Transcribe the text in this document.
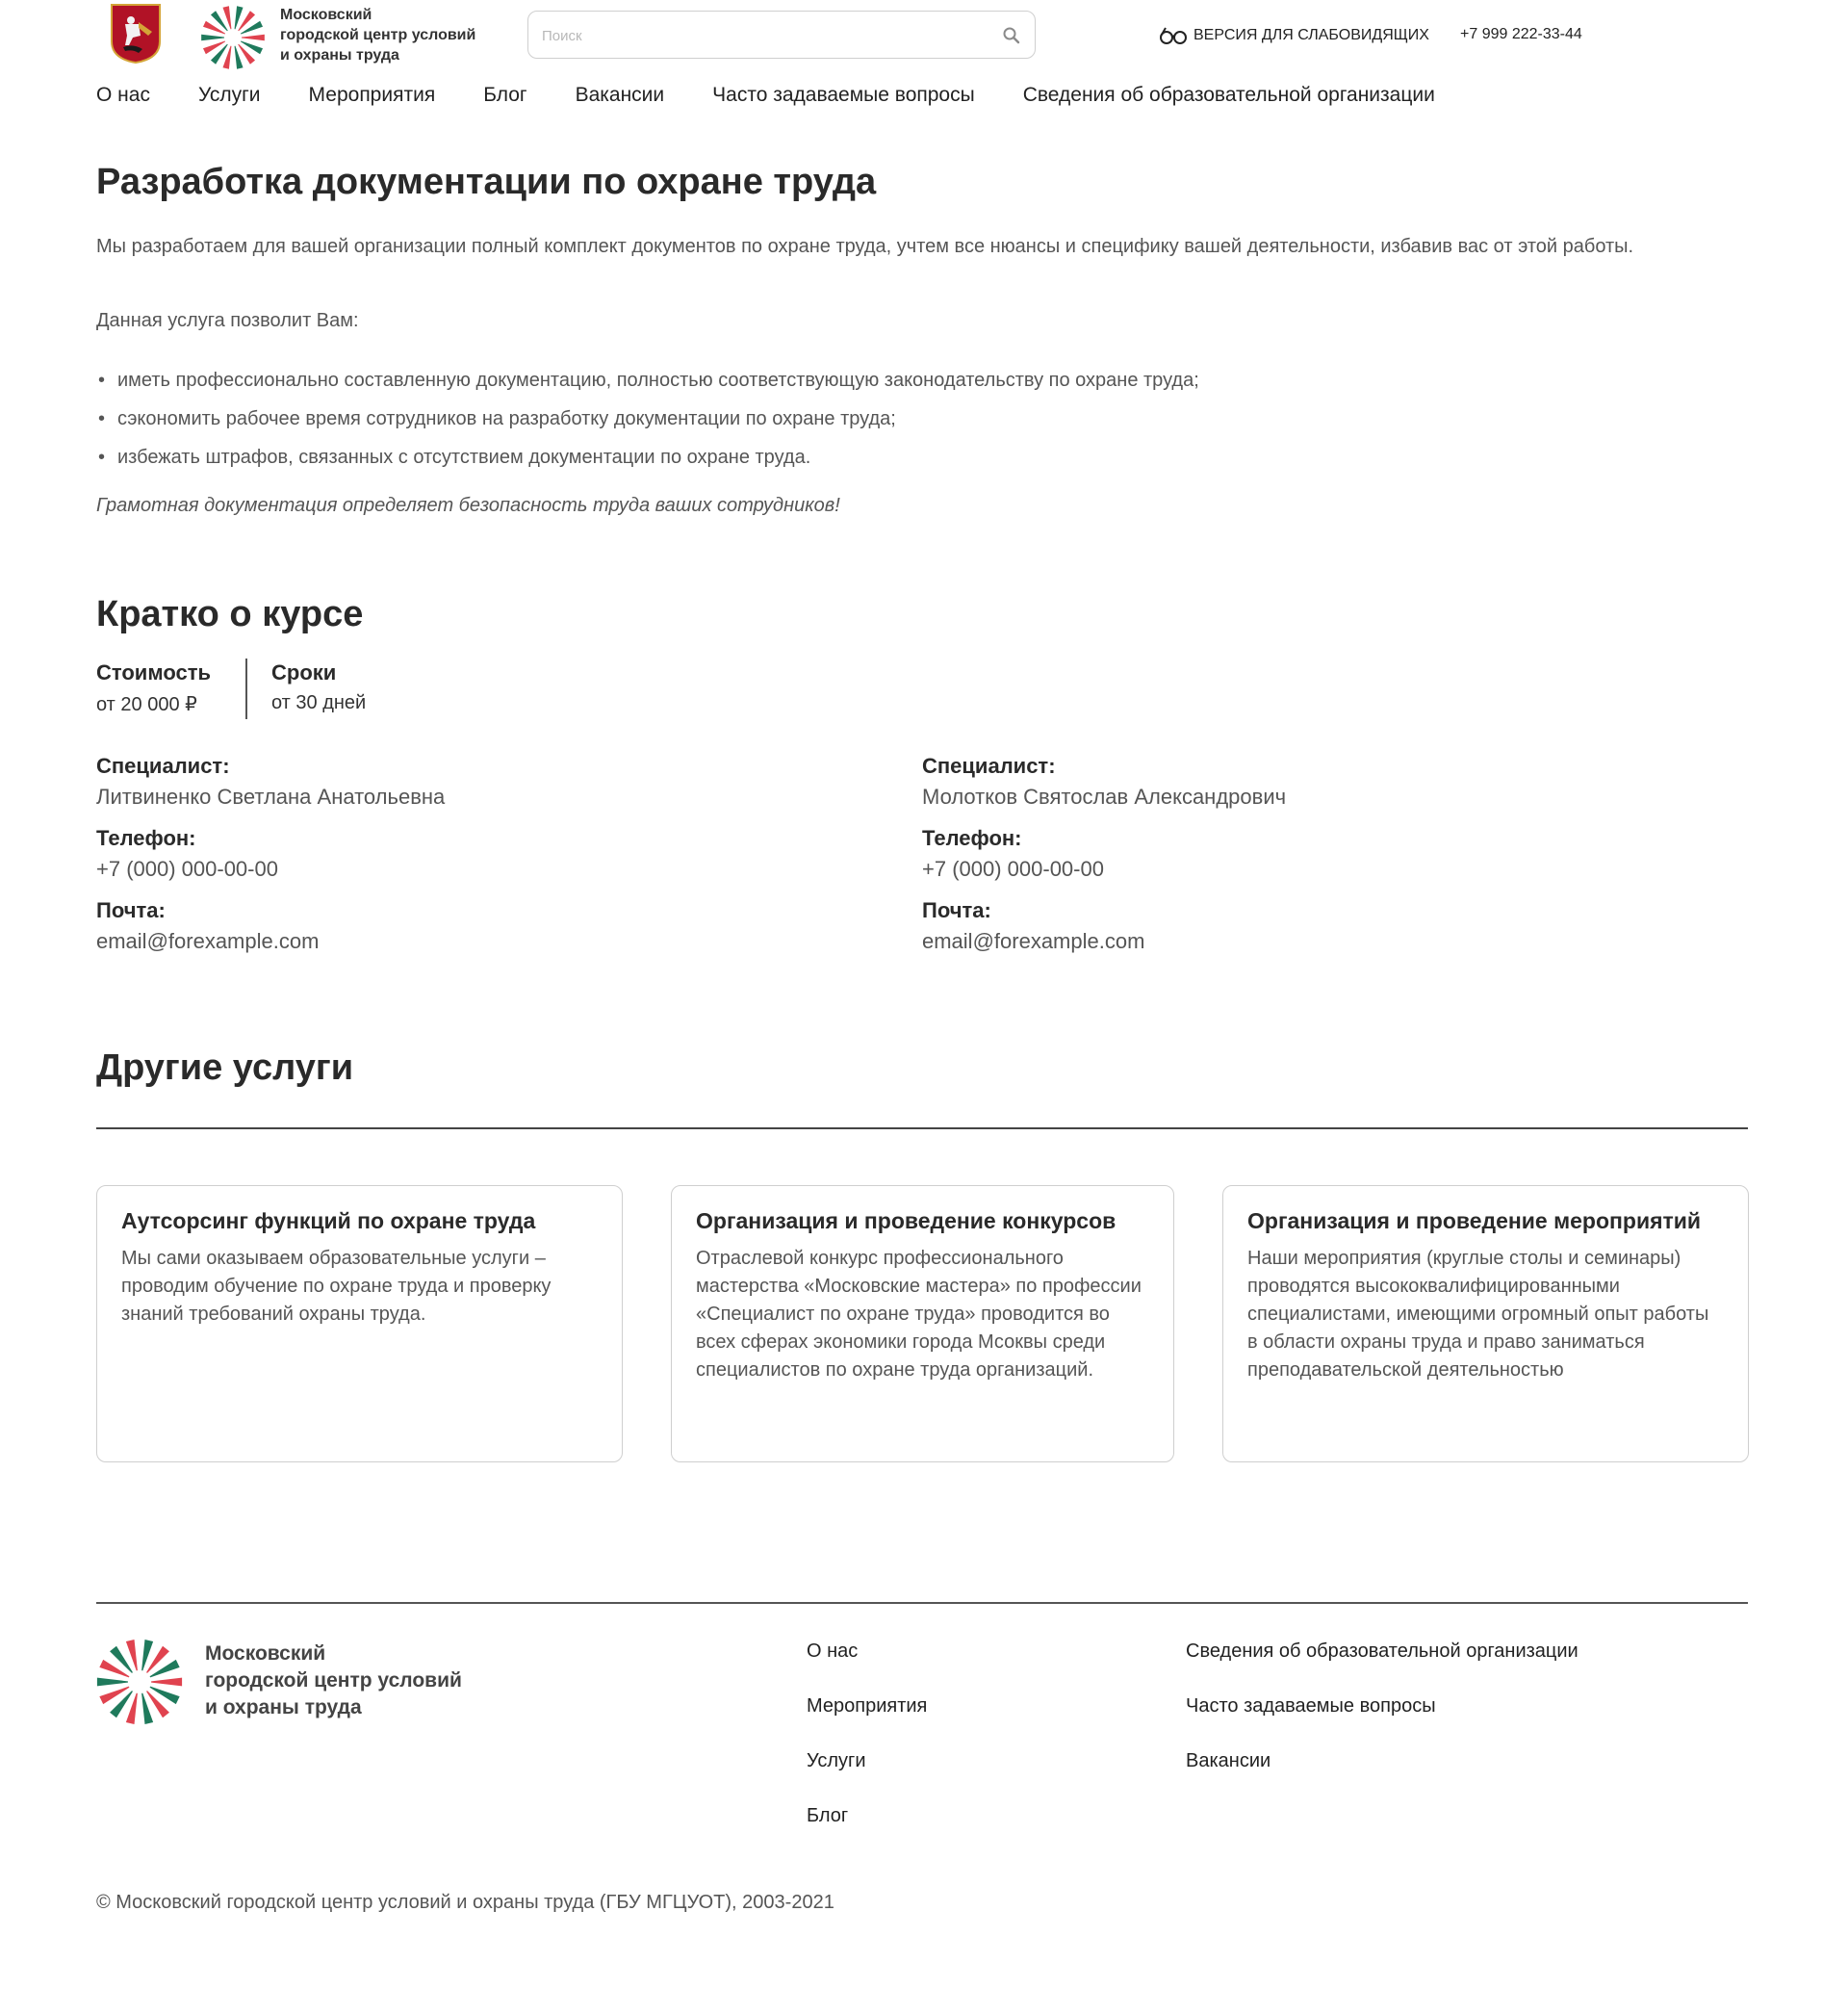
Московский
городской центр условий
и охраны труда
Поиск
ВЕРСИЯ ДЛЯ СЛАБОВИДЯЩИХ +7 999 222-33-44
О нас Услуги Мероприятия Блог Вакансии Часто задаваемые вопросы Сведения об образовательной организации
Разработка документации по охране труда
Мы разработаем для вашей организации полный комплект документов по охране труда, учтем все нюансы и специфику вашей деятельности, избавив вас от этой работы.
Данная услуга позволит Вам:
• иметь профессионально составленную документацию, полностью соответствующую законодательству по охране труда;
• сэкономить рабочее время сотрудников на разработку документации по охране труда;
• избежать штрафов, связанных с отсутствием документации по охране труда.
Грамотная документация определяет безопасность труда ваших сотрудников!
Кратко о курсе
Стоимость
от 20 000 ₽
Сроки
от 30 дней
Специалист:
Литвиненко Светлана Анатольевна
Телефон:
+7 (000) 000-00-00
Почта:
email@forexample.com
Специалист:
Молотков Святослав Александрович
Телефон:
+7 (000) 000-00-00
Почта:
email@forexample.com
Другие услуги
Аутсорсинг функций по охране труда
Мы сами оказываем образовательные услуги – проводим обучение по охране труда и проверку знаний требований охраны труда.
Организация и проведение конкурсов
Отраслевой конкурс профессионального мастерства «Московские мастера» по профессии «Специалист по охране труда» проводится во всех сферах экономики города Мсоквы среди специалистов по охране труда организаций.
Организация и проведение мероприятий
Наши мероприятия (круглые столы и семинары) проводятся высококвалифицированными специалистами, имеющими огромный опыт работы в области охраны труда и право заниматься преподавательской деятельностью
Московский
городской центр условий
и охраны труда
О нас
Мероприятия
Услуги
Блог
Сведения об образовательной организации
Часто задаваемые вопросы
Вакансии
© Московский городской центр условий и охраны труда (ГБУ МГЦУОТ), 2003-2021
